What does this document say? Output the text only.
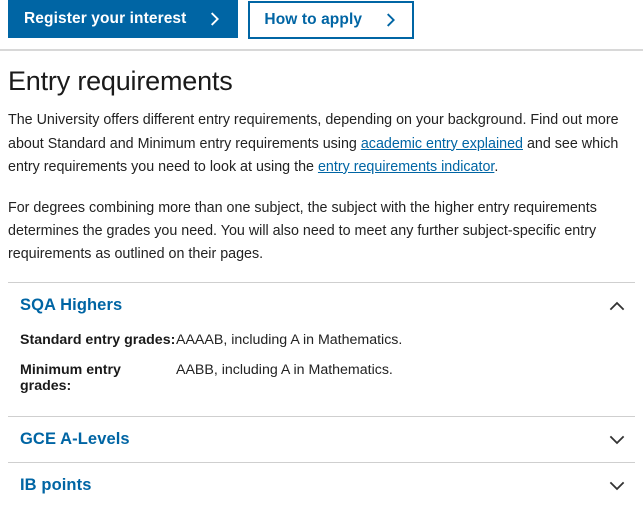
Register your interest	How to apply
Entry requirements

The University offers different entry requirements, depending on your background. Find out more about Standard and Minimum entry requirements using academic entry explained and see which entry requirements you need to look at using the entry requirements indicator.

For degrees combining more than one subject, the subject with the higher entry requirements determines the grades you need. You will also need to meet any further subject-specific entry requirements as outlined on their pages.

SQA Highers
Standard entry grades: AAAAB, including A in Mathematics.
Minimum entry grades:
AABB, including A in Mathematics.
GCE A-Levels
IB points
